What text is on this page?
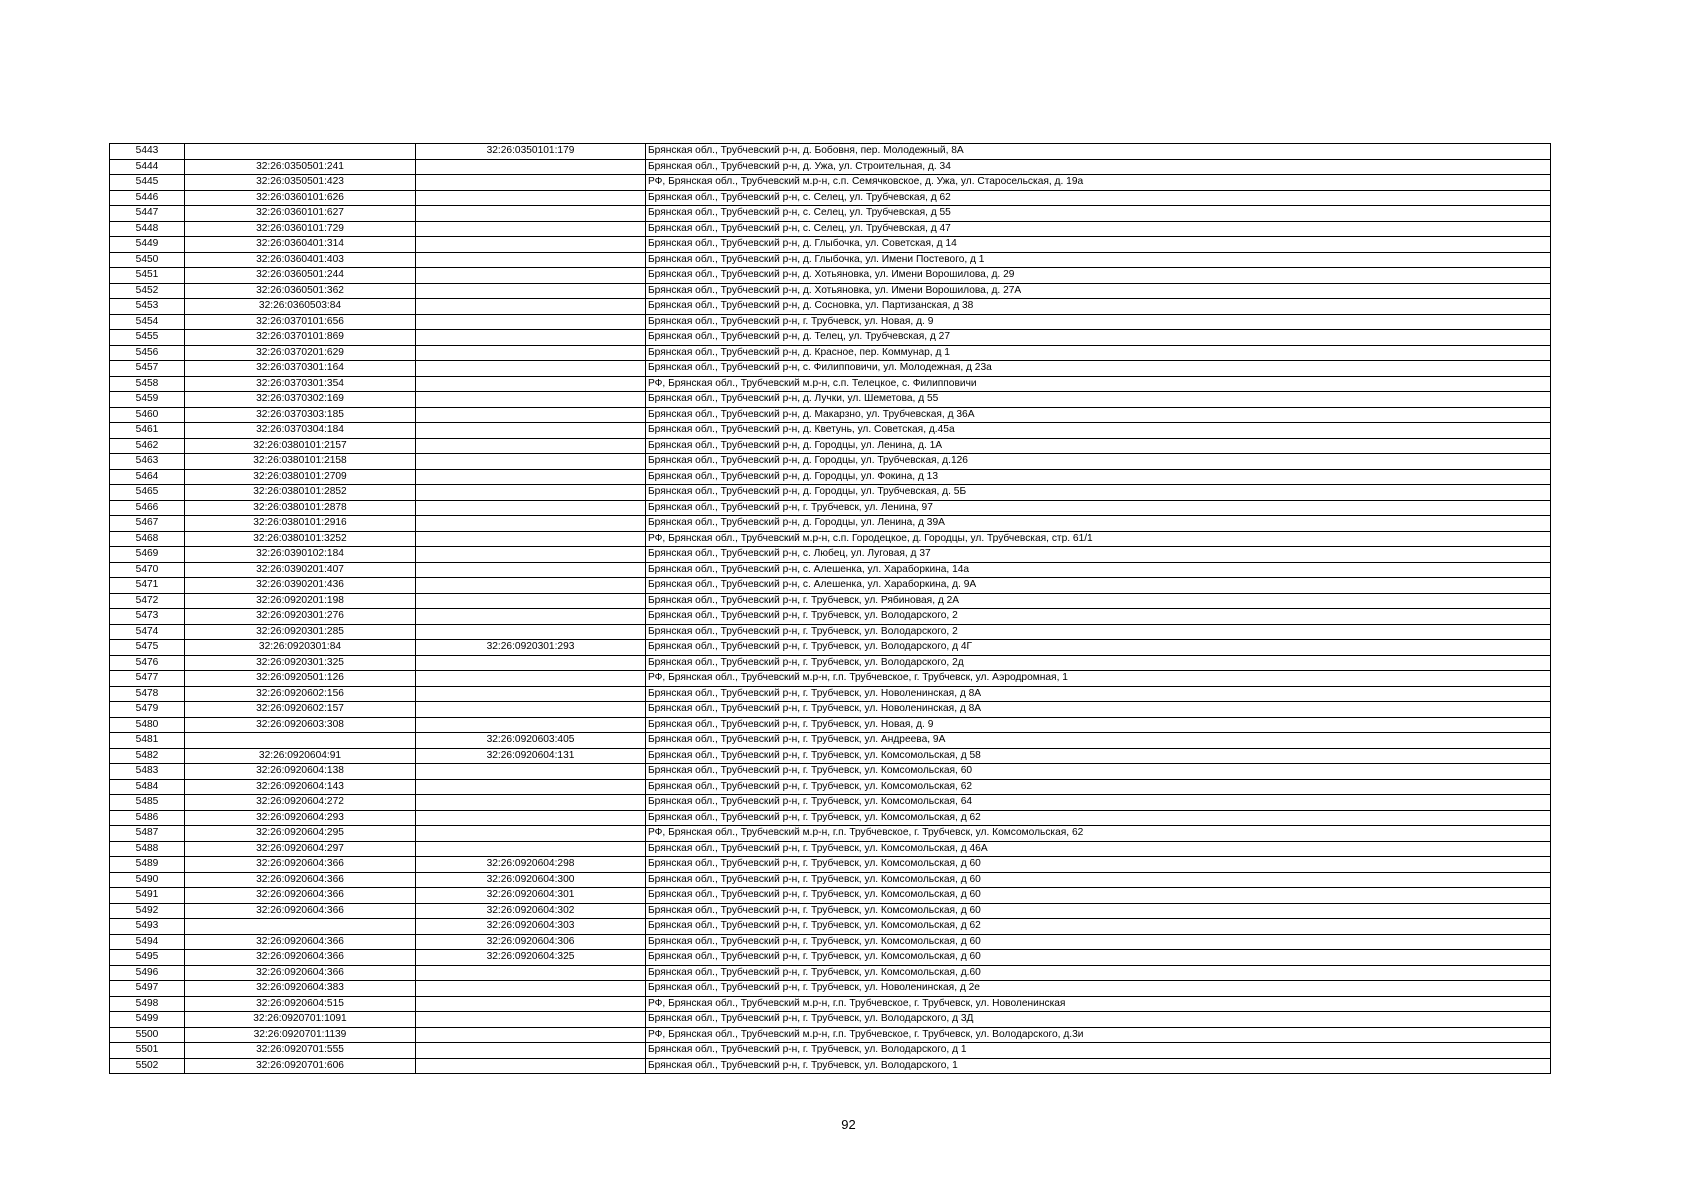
5443		32:26:0350101:179	Брянская обл., Трубчевский р-н, д. Бобовня, пер. Молодежный, 8А
5444	32:26:0350501:241		Брянская обл., Трубчевский р-н, д. Ужа, ул. Строительная, д. 34
5445	32:26:0350501:423		РФ, Брянская обл., Трубчевский м.р-н, с.п. Семячковское, д. Ужа, ул. Старосельская, д. 19а
5446	32:26:0360101:626		Брянская обл., Трубчевский р-н, с. Селец, ул. Трубчевская, д 62
5447	32:26:0360101:627		Брянская обл., Трубчевский р-н, с. Селец, ул. Трубчевская, д 55
5448	32:26:0360101:729		Брянская обл., Трубчевский р-н, с. Селец, ул. Трубчевская, д 47
5449	32:26:0360401:314		Брянская обл., Трубчевский р-н, д. Глыбочка, ул. Советская, д 14
5450	32:26:0360401:403		Брянская обл., Трубчевский р-н, д. Глыбочка, ул. Имени Постевого, д 1
5451	32:26:0360501:244		Брянская обл., Трубчевский р-н, д. Хотьяновка, ул. Имени Ворошилова, д. 29
5452	32:26:0360501:362		Брянская обл., Трубчевский р-н, д. Хотьяновка, ул. Имени Ворошилова, д. 27А
5453	32:26:0360503:84		Брянская обл., Трубчевский р-н, д. Сосновка, ул. Партизанская, д 38
5454	32:26:0370101:656		Брянская обл., Трубчевский р-н, г. Трубчевск, ул. Новая, д. 9
5455	32:26:0370101:869		Брянская обл., Трубчевский р-н, д. Телец, ул. Трубчевская, д 27
5456	32:26:0370201:629		Брянская обл., Трубчевский р-н, д. Красное, пер. Коммунар, д 1
5457	32:26:0370301:164		Брянская обл., Трубчевский р-н, с. Филипповичи, ул. Молодежная, д 23а
5458	32:26:0370301:354		РФ, Брянская обл., Трубчевский м.р-н, с.п. Телецкое, с. Филипповичи
5459	32:26:0370302:169		Брянская обл., Трубчевский р-н, д. Лучки, ул. Шеметова, д 55
5460	32:26:0370303:185		Брянская обл., Трубчевский р-н, д. Макарзно, ул. Трубчевская, д 36А
5461	32:26:0370304:184		Брянская обл., Трубчевский р-н, д. Кветунь, ул. Советская, д.45а
5462	32:26:0380101:2157		Брянская обл., Трубчевский р-н, д. Городцы, ул. Ленина, д. 1А
5463	32:26:0380101:2158		Брянская обл., Трубчевский р-н, д. Городцы, ул. Трубчевская, д.126
5464	32:26:0380101:2709		Брянская обл., Трубчевский р-н, д. Городцы, ул. Фокина, д 13
5465	32:26:0380101:2852		Брянская обл., Трубчевский р-н, д. Городцы, ул. Трубчевская, д. 5Б
5466	32:26:0380101:2878		Брянская обл., Трубчевский р-н, г. Трубчевск, ул. Ленина, 97
5467	32:26:0380101:2916		Брянская обл., Трубчевский р-н, д. Городцы, ул. Ленина, д 39А
5468	32:26:0380101:3252		РФ, Брянская обл., Трубчевский м.р-н, с.п. Городецкое, д. Городцы, ул. Трубчевская, стр. 61/1
5469	32:26:0390102:184		Брянская обл., Трубчевский р-н, с. Любец, ул. Луговая, д 37
5470	32:26:0390201:407		Брянская обл., Трубчевский р-н, с. Алешенка, ул. Хараборкина, 14а
5471	32:26:0390201:436		Брянская обл., Трубчевский р-н, с. Алешенка, ул. Хараборкина, д. 9А
5472	32:26:0920201:198		Брянская обл., Трубчевский р-н, г. Трубчевск, ул. Рябиновая, д 2А
5473	32:26:0920301:276		Брянская обл., Трубчевский р-н, г. Трубчевск, ул. Володарского, 2
5474	32:26:0920301:285		Брянская обл., Трубчевский р-н, г. Трубчевск, ул. Володарского, 2
5475	32:26:0920301:84	32:26:0920301:293	Брянская обл., Трубчевский р-н, г. Трубчевск, ул. Володарского, д 4Г
5476	32:26:0920301:325		Брянская обл., Трубчевский р-н, г. Трубчевск, ул. Володарского, 2д
5477	32:26:0920501:126		РФ, Брянская обл., Трубчевский м.р-н, г.п. Трубчевское, г. Трубчевск, ул. Аэродромная, 1
5478	32:26:0920602:156		Брянская обл., Трубчевский р-н, г. Трубчевск, ул. Новоленинская, д 8А
5479	32:26:0920602:157		Брянская обл., Трубчевский р-н, г. Трубчевск, ул. Новоленинская, д 8А
5480	32:26:0920603:308		Брянская обл., Трубчевский р-н, г. Трубчевск, ул. Новая, д. 9
5481		32:26:0920603:405	Брянская обл., Трубчевский р-н, г. Трубчевск, ул. Андреева, 9А
5482	32:26:0920604:91	32:26:0920604:131	Брянская обл., Трубчевский р-н, г. Трубчевск, ул. Комсомольская, д 58
5483	32:26:0920604:138		Брянская обл., Трубчевский р-н, г. Трубчевск, ул. Комсомольская, 60
5484	32:26:0920604:143		Брянская обл., Трубчевский р-н, г. Трубчевск, ул. Комсомольская, 62
5485	32:26:0920604:272		Брянская обл., Трубчевский р-н, г. Трубчевск, ул. Комсомольская, 64
5486	32:26:0920604:293		Брянская обл., Трубчевский р-н, г. Трубчевск, ул. Комсомольская, д 62
5487	32:26:0920604:295		РФ, Брянская обл., Трубчевский м.р-н, г.п. Трубчевское, г. Трубчевск, ул. Комсомольская, 62
5488	32:26:0920604:297		Брянская обл., Трубчевский р-н, г. Трубчевск, ул. Комсомольская, д 46А
5489	32:26:0920604:366	32:26:0920604:298	Брянская обл., Трубчевский р-н, г. Трубчевск, ул. Комсомольская, д 60
5490	32:26:0920604:366	32:26:0920604:300	Брянская обл., Трубчевский р-н, г. Трубчевск, ул. Комсомольская, д 60
5491	32:26:0920604:366	32:26:0920604:301	Брянская обл., Трубчевский р-н, г. Трубчевск, ул. Комсомольская, д 60
5492	32:26:0920604:366	32:26:0920604:302	Брянская обл., Трубчевский р-н, г. Трубчевск, ул. Комсомольская, д 60
5493		32:26:0920604:303	Брянская обл., Трубчевский р-н, г. Трубчевск, ул. Комсомольская, д 62
5494	32:26:0920604:366	32:26:0920604:306	Брянская обл., Трубчевский р-н, г. Трубчевск, ул. Комсомольская, д 60
5495	32:26:0920604:366	32:26:0920604:325	Брянская обл., Трубчевский р-н, г. Трубчевск, ул. Комсомольская, д 60
5496	32:26:0920604:366		Брянская обл., Трубчевский р-н, г. Трубчевск, ул. Комсомольская, д.60
5497	32:26:0920604:383		Брянская обл., Трубчевский р-н, г. Трубчевск, ул. Новоленинская, д 2е
5498	32:26:0920604:515		РФ, Брянская обл., Трубчевский м.р-н, г.п. Трубчевское, г. Трубчевск, ул. Новоленинская
5499	32:26:0920701:1091		Брянская обл., Трубчевский р-н, г. Трубчевск, ул. Володарского, д 3Д
5500	32:26:0920701:1139		РФ, Брянская обл., Трубчевский м.р-н, г.п. Трубчевское, г. Трубчевск, ул. Володарского, д.3и
5501	32:26:0920701:555		Брянская обл., Трубчевский р-н, г. Трубчевск, ул. Володарского, д 1
5502	32:26:0920701:606		Брянская обл., Трубчевский р-н, г. Трубчевск, ул. Володарского, 1
92
